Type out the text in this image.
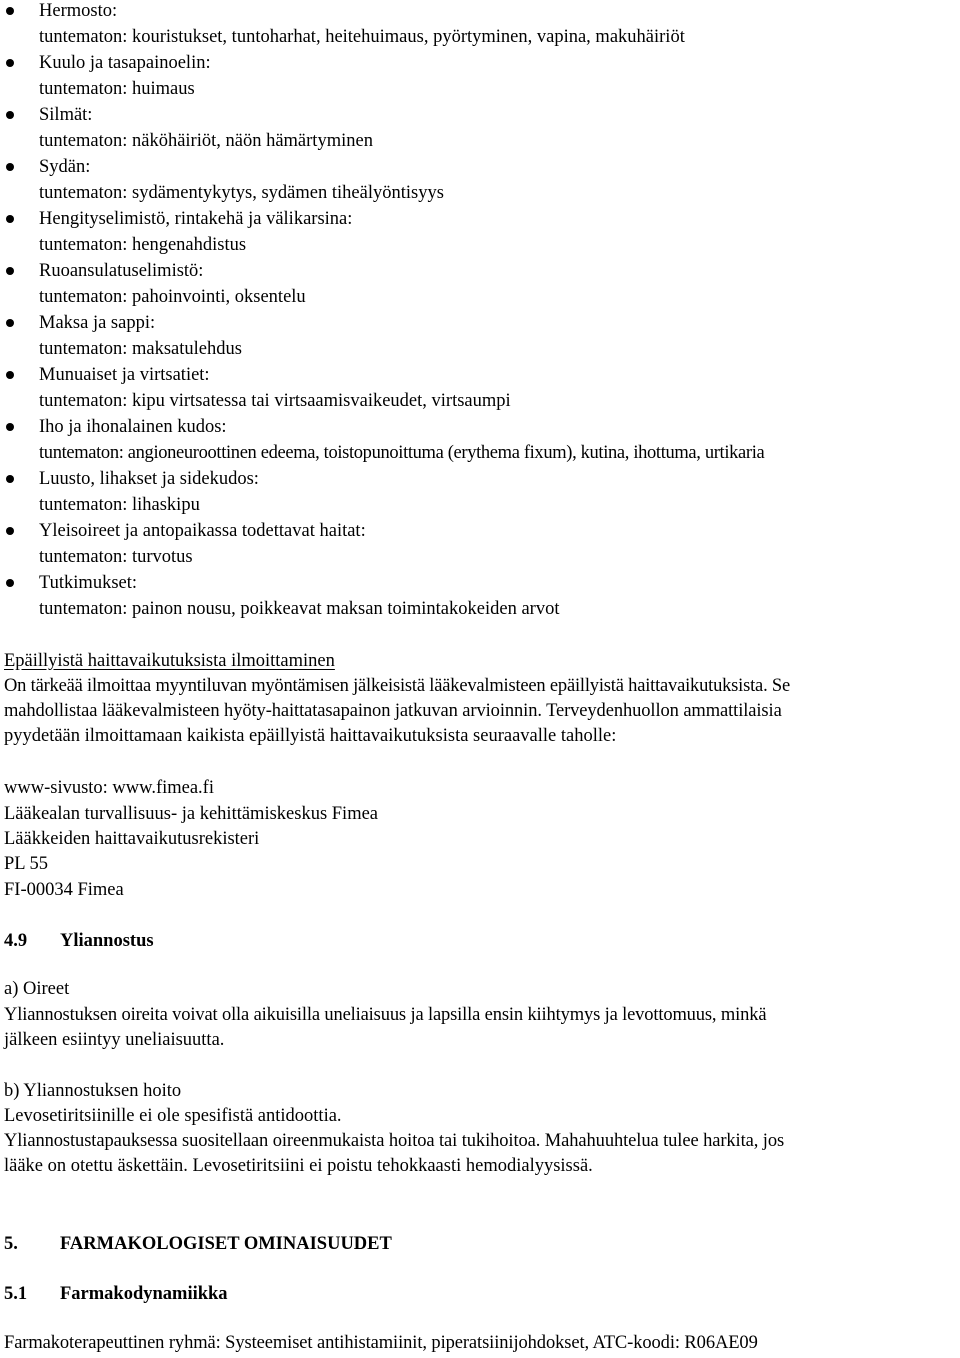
Hermosto:
tuntematon: kouristukset, tuntoharhat, heitehuimaus, pyörtyminen, vapina, makuhäiriöt
Kuulo ja tasapainoelin:
tuntematon: huimaus
Silmät:
tuntematon: näköhäiriöt, näön hämärtyminen
Sydän:
tuntematon: sydämentykytys, sydämen tiheälyöntisyys
Hengityselimistö, rintakehä ja välikarsina:
tuntematon: hengenahdistus
Ruoansulatuselimistö:
tuntematon: pahoinvointi, oksentelu
Maksa ja sappi:
tuntematon: maksatulehdus
Munuaiset ja virtsatiet:
tuntematon: kipu virtsatessa tai virtsaamisvaikeudet, virtsaumpi
Iho ja ihonalainen kudos:
tuntematon: angioneuroottinen edeema, toistopunoittuma (erythema fixum), kutina, ihottuma, urtikaria
Luusto, lihakset ja sidekudos:
tuntematon: lihaskipu
Yleisoireet ja antopaikassa todettavat haitat:
tuntematon: turvotus
Tutkimukset:
tuntematon: painon nousu, poikkeavat maksan toimintakokeiden arvot
Epäillyistä haittavaikutuksista ilmoittaminen
On tärkeää ilmoittaa myyntiluvan myöntämisen jälkeisistä lääkevalmisteen epäillyistä haittavaikutuksista. Se
mahdollistaa lääkevalmisteen hyöty-haittatasapainon jatkuvan arvioinnin. Terveydenhuollon ammattilaisia
pyydetään ilmoittamaan kaikista epäillyistä haittavaikutuksista seuraavalle taholle:
www-sivusto: www.fimea.fi
Lääkealan turvallisuus- ja kehittämiskeskus Fimea
Lääkkeiden haittavaikutusrekisteri
PL 55
FI-00034 Fimea
4.9 Yliannostus
a) Oireet
Yliannostuksen oireita voivat olla aikuisilla uneliaisuus ja lapsilla ensin kiihtymys ja levottomuus, minkä
jälkeen esiintyy uneliaisuutta.
b) Yliannostuksen hoito
Levosetiritsiinille ei ole spesifistä antidoottia.
Yliannostustapauksessa suositellaan oireenmukaista hoitoa tai tukihoitoa. Mahahuuhtelua tulee harkita, jos
lääke on otettu äskettäin. Levosetiritsiini ei poistu tehokkaasti hemodialyysissä.
5. FARMAKOLOGISET OMINAISUUDET
5.1 Farmakodynamiikka
Farmakoterapeuttinen ryhmä: Systeemiset antihistamiinit, piperatsiinijohdokset, ATC-koodi: R06AE09
